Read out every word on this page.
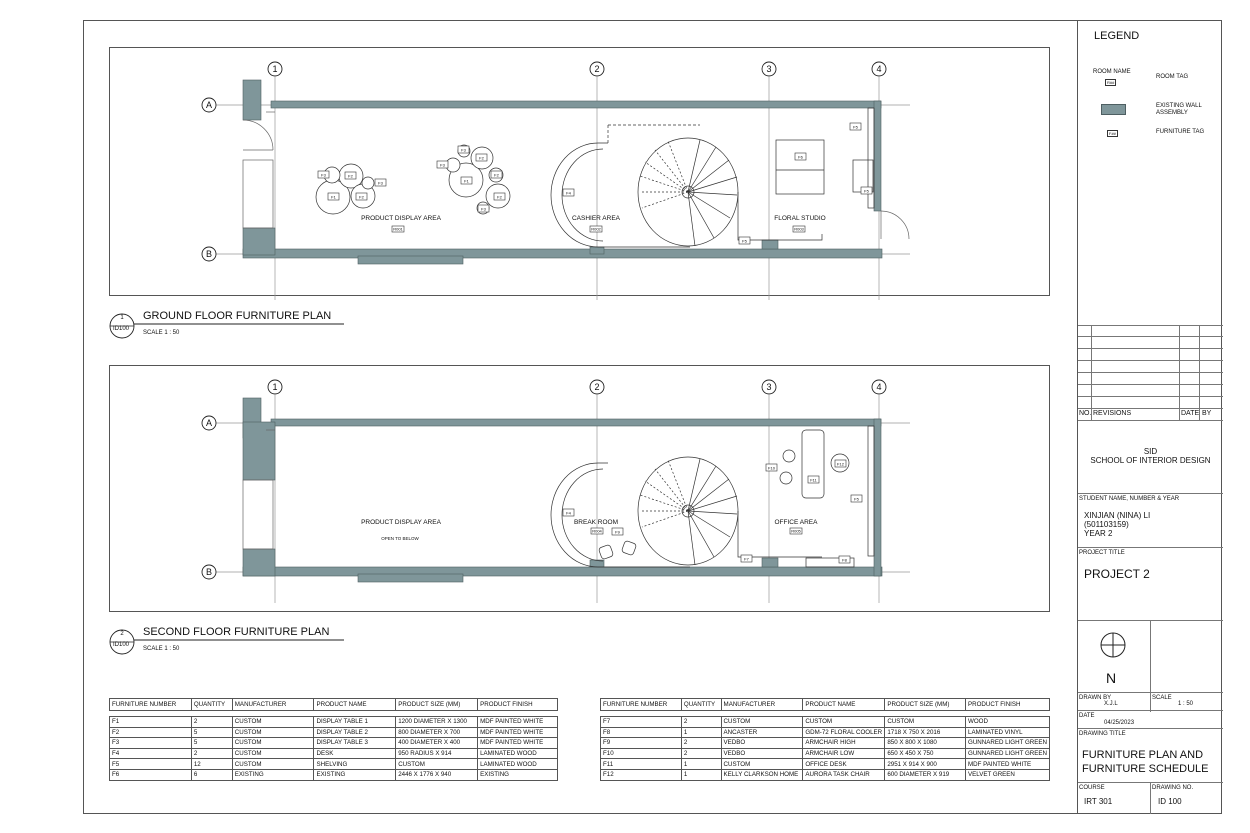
1	2	3	4
A
B
F1	F2
F2
F3
F3	F1
F2
F2
F3
F3
F3
F2
F4
F5
F5
F6
F5
R001	R002	R003
PRODUCT DISPLAY AREA	CASHIER AREA	FLORAL STUDIO
1
ID100
GROUND FLOOR FURNITURE PLAN
SCALE 1 : 50
1	2	3	4
A
B
F4
F9
R004
F10
F12
F11
F5
F7	F8
R005
PRODUCT DISPLAY AREA	BREAK ROOM	OFFICE AREA
OPEN TO BELOW
2
ID100
SECOND FLOOR FURNITURE PLAN
SCALE 1 : 50
FURNITURE NUMBER	QUANTITY	MANUFACTURER	PRODUCT NAME	PRODUCT SIZE (MM)	PRODUCT FINISH

F1	2	CUSTOM	DISPLAY TABLE 1	1200 DIAMETER X 1300	MDF PAINTED WHITE
F2	5	CUSTOM	DISPLAY TABLE 2	800 DIAMETER X 700	MDF PAINTED WHITE
F3	5	CUSTOM	DISPLAY TABLE 3	400 DIAMETER X 400	MDF PAINTED WHITE
F4	2	CUSTOM	DESK	950 RADIUS X 914	LAMINATED WOOD
F5	12	CUSTOM	SHELVING	CUSTOM	LAMINATED WOOD
F6	6	EXISTING	EXISTING	2446 X 1776 X 940	EXISTING
FURNITURE NUMBER	QUANTITY	MANUFACTURER	PRODUCT NAME	PRODUCT SIZE (MM)	PRODUCT FINISH

F7	2	CUSTOM	CUSTOM	CUSTOM	WOOD
F8	1	ANCASTER	GDM-72 FLORAL COOLER	1718 X 750 X 2016	LAMINATED VINYL
F9	2	VEDBO	ARMCHAIR HIGH	850 X 800 X 1080	GUNNARED LIGHT GREEN
F10	2	VEDBO	ARMCHAIR LOW	650 X 450 X 750	GUNNARED LIGHT GREEN
F11	1	CUSTOM	OFFICE DESK	2951 X 914 X 900	MDF PAINTED WHITE
F12	1	KELLY CLARKSON HOME	AURORA TASK CHAIR	600 DIAMETER X 919	VELVET GREEN
LEGEND
ROOM NAME
R##
ROOM TAG
EXISTING WALL ASSEMBLY
F##	FURNITURE TAG
NO. REVISIONS	DATE BY
SID
SCHOOL OF INTERIOR DESIGN
STUDENT NAME, NUMBER & YEAR
XINJIAN (NINA) LI
(501103159)
YEAR 2
PROJECT TITLE
PROJECT 2
N
DRAWN BY
X.J.L
SCALE
1 : 50
DATE
04/25/2023
DRAWING TITLE
FURNITURE PLAN AND
FURNITURE SCHEDULE
COURSE
IRT 301
DRAWING NO.
ID 100
